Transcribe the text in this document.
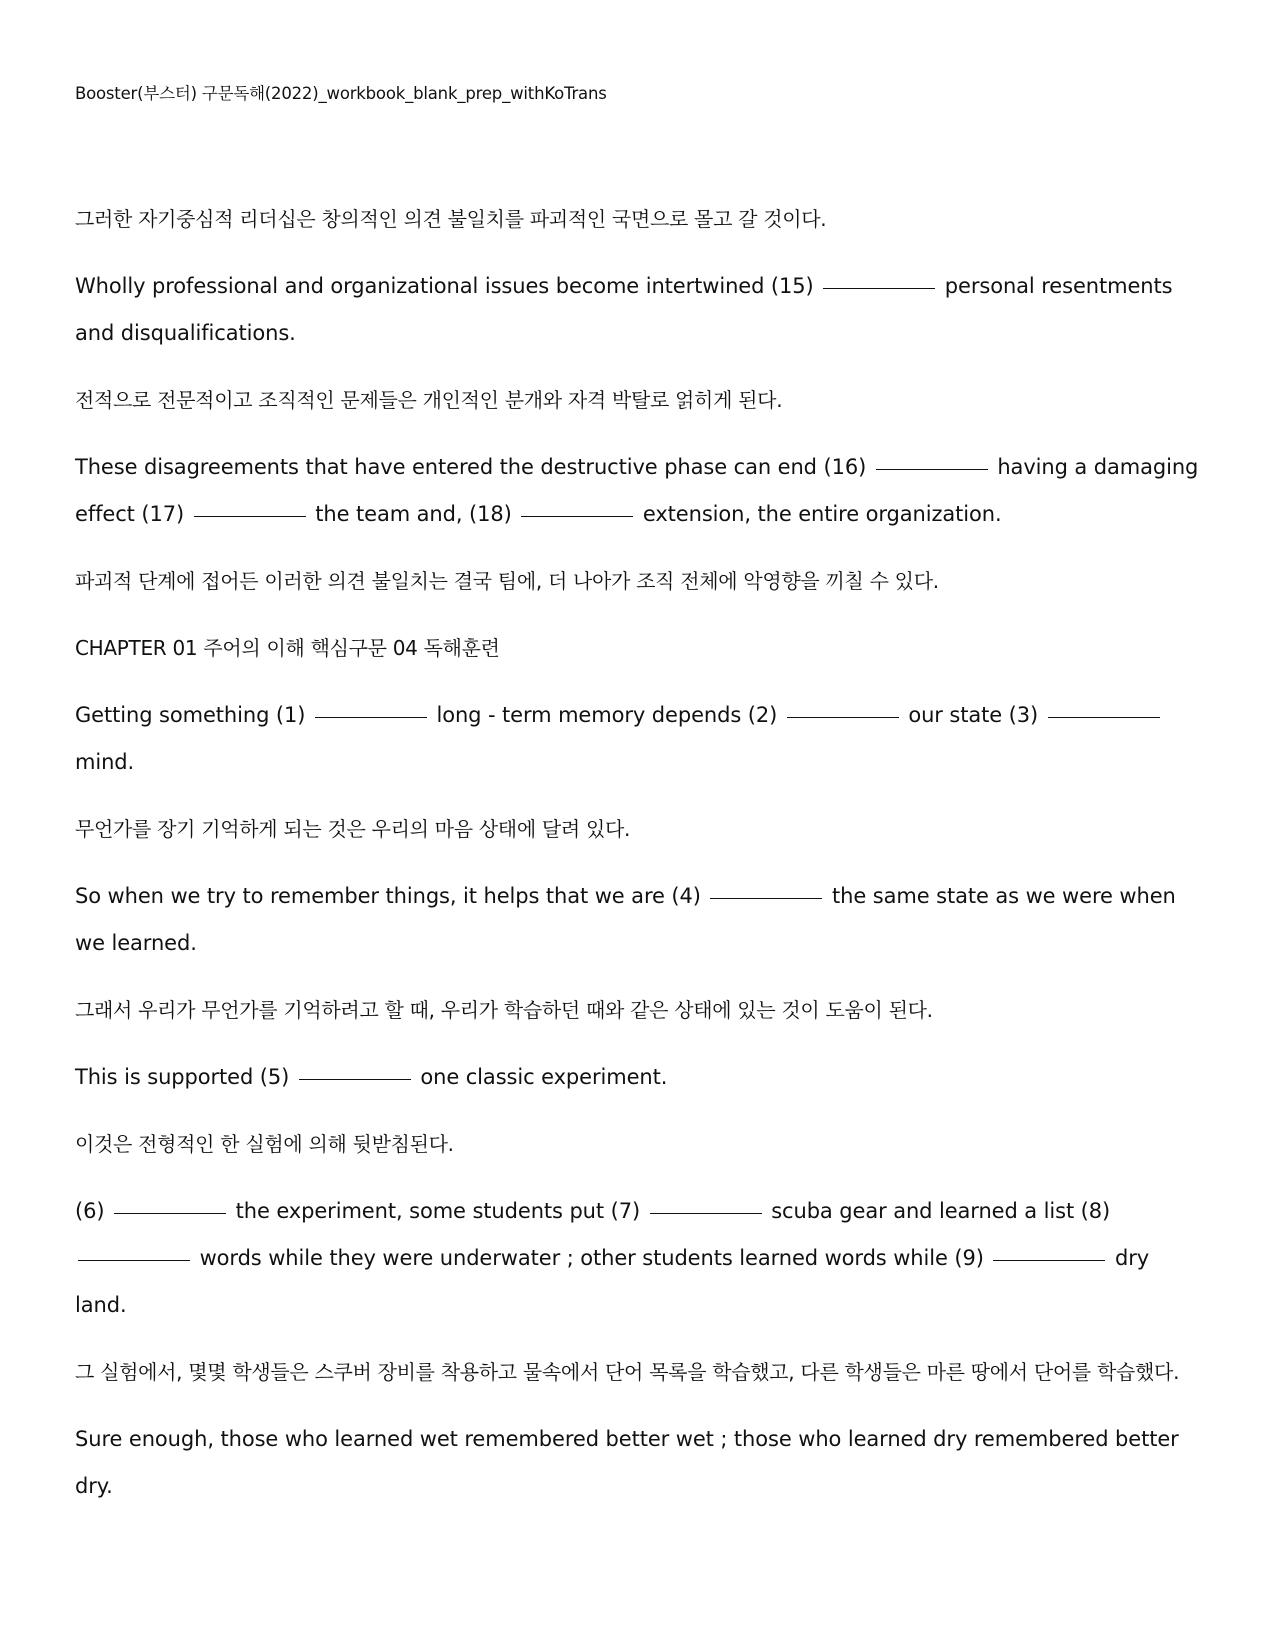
Booster(부스터) 구문독해(2022)_workbook_blank_prep_withKoTrans

그러한 자기중심적 리더십은 창의적인 의견 불일치를 파괴적인 국면으로 몰고 갈 것이다.

Wholly professional and organizational issues become intertwined (15)	personal resentments and disqualifications.

전적으로 전문적이고 조직적인 문제들은 개인적인 분개와 자격 박탈로 얽히게 된다.

These disagreements that have entered the destructive phase can end (16)	having a damaging effect (17)	the team and, (18)	extension, the entire organization.

파괴적 단계에 접어든 이러한 의견 불일치는 결국 팀에, 더 나아가 조직 전체에 악영향을 끼칠 수 있다.

CHAPTER 01 주어의 이해 핵심구문 04 독해훈련

Getting something (1)	long - term memory depends (2)	our state (3)  mind.

무언가를 장기 기억하게 되는 것은 우리의 마음 상태에 달려 있다.

So when we try to remember things, it helps that we are (4)	the same state as we were when we learned.

그래서 우리가 무언가를 기억하려고 할 때, 우리가 학습하던 때와 같은 상태에 있는 것이 도움이 된다.

This is supported (5)	one classic experiment.

이것은 전형적인 한 실험에 의해 뒷받침된다.

(6)	the experiment, some students put (7)	scuba gear and learned a list (8)  words while they were underwater ; other students learned words while (9)	dry land.

그 실험에서, 몇몇 학생들은 스쿠버 장비를 착용하고 물속에서 단어 목록을 학습했고, 다른 학생들은 마른 땅에서 단어를 학습했다.

Sure enough, those who learned wet remembered better wet ; those who learned dry remembered better dry.
